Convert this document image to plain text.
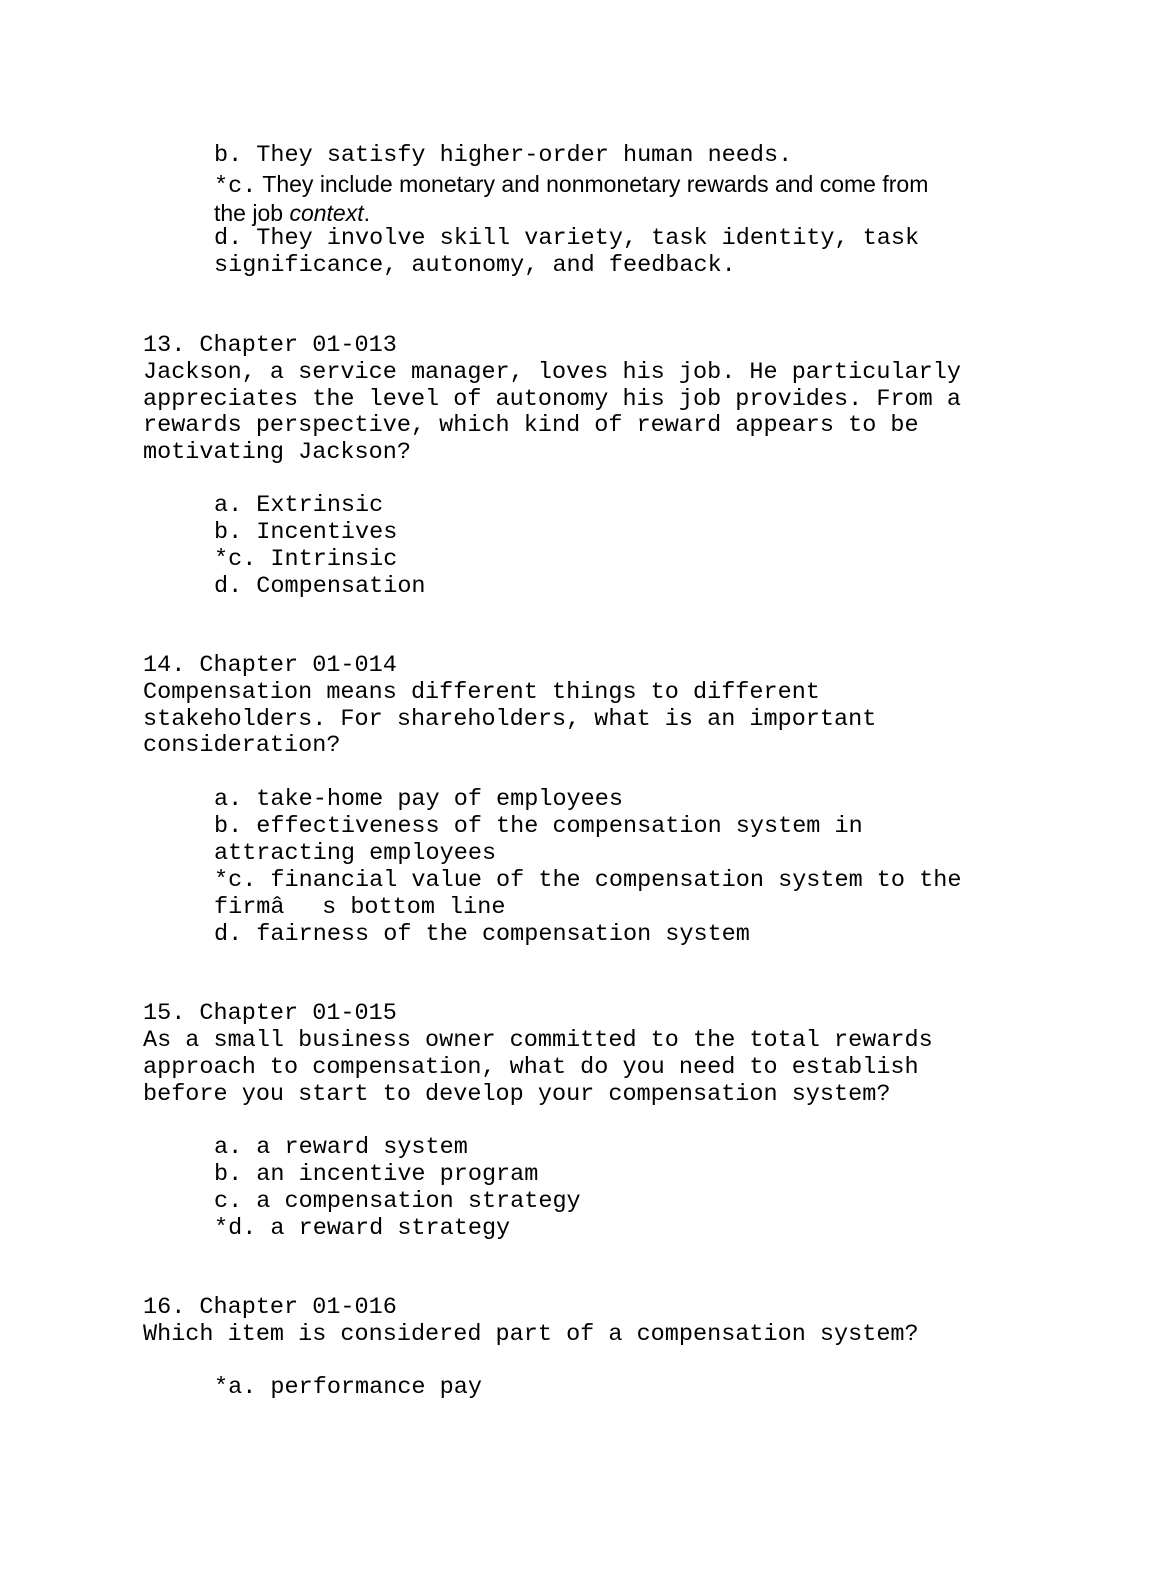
b. They satisfy higher-order human needs.
*c. They include monetary and nonmonetary rewards and come from
the job context.
d. They involve skill variety, task identity, task
significance, autonomy, and feedback.
13. Chapter 01-013
Jackson, a service manager, loves his job. He particularly
appreciates the level of autonomy his job provides. From a
rewards perspective, which kind of reward appears to be
motivating Jackson?
a. Extrinsic
b. Incentives
*c. Intrinsic
d. Compensation
14. Chapter 01-014
Compensation means different things to different
stakeholders. For shareholders, what is an important
consideration?
a. take-home pay of employees
b. effectiveness of the compensation system in
attracting employees
*c. financial value of the compensation system to the
firmâs bottom line
d. fairness of the compensation system
15. Chapter 01-015
As a small business owner committed to the total rewards
approach to compensation, what do you need to establish
before you start to develop your compensation system?
a. a reward system
b. an incentive program
c. a compensation strategy
*d. a reward strategy
16. Chapter 01-016
Which item is considered part of a compensation system?
*a. performance pay
